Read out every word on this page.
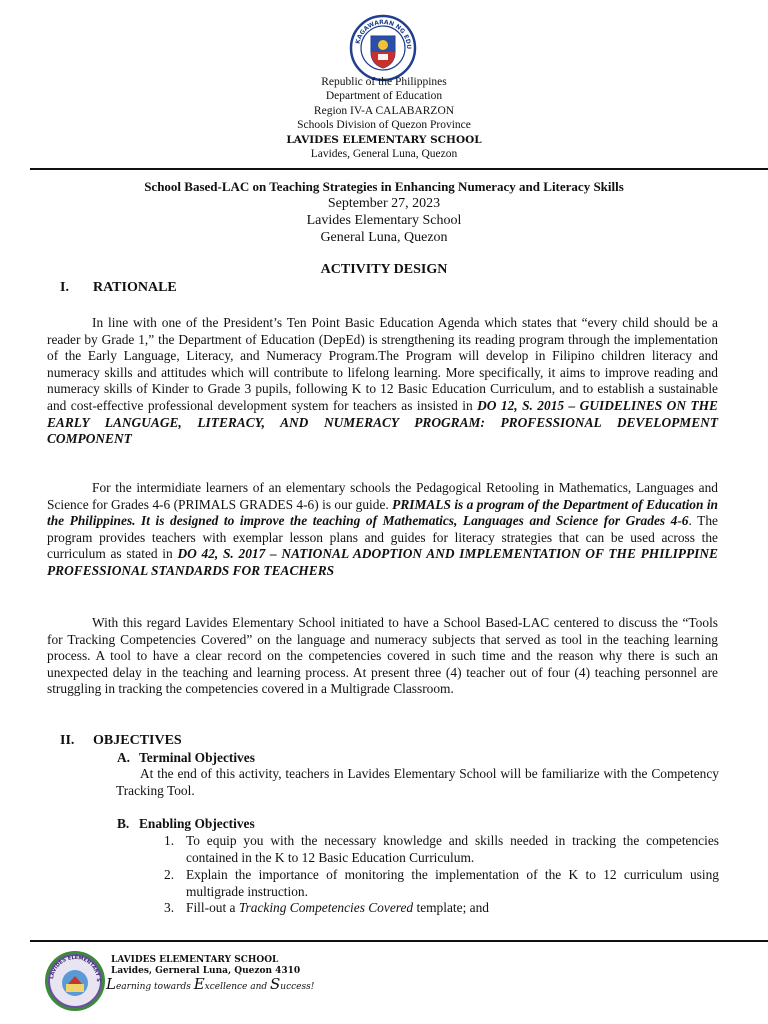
KAGAWARAN NG EDU
Republic of the Philippines
Department of Education
Region IV-A CALABARZON
Schools Division of Quezon Province
LAVIDES ELEMENTARY SCHOOL
Lavides, General Luna, Quezon
School Based-LAC on Teaching Strategies in Enhancing Numeracy and Literacy Skills
September 27, 2023
Lavides Elementary School
General Luna, Quezon
ACTIVITY DESIGN
I. RATIONALE
In line with one of the President’s Ten Point Basic Education Agenda which states that “every child should be a reader by Grade 1,” the Department of Education (DepEd) is strengthening its reading program through the implementation of the Early Language, Literacy, and Numeracy Program.The Program will develop in Filipino children literacy and numeracy skills and attitudes which will contribute to lifelong learning. More specifically, it aims to improve reading and numeracy skills of Kinder to Grade 3 pupils, following K to 12 Basic Education Curriculum, and to establish a sustainable and cost-effective professional development system for teachers as insisted in DO 12, S. 2015 – GUIDELINES ON THE EARLY LANGUAGE, LITERACY, AND NUMERACY PROGRAM: PROFESSIONAL DEVELOPMENT COMPONENT
For the intermidiate learners of an elementary schools the Pedagogical Retooling in Mathematics, Languages and Science for Grades 4-6 (PRIMALS GRADES 4-6) is our guide. PRIMALS is a program of the Department of Education in the Philippines. It is designed to improve the teaching of Mathematics, Languages and Science for Grades 4-6. The program provides teachers with exemplar lesson plans and guides for literacy strategies that can be used across the curriculum as stated in DO 42, S. 2017 – NATIONAL ADOPTION AND IMPLEMENTATION OF THE PHILIPPINE PROFESSIONAL STANDARDS FOR TEACHERS
With this regard Lavides Elementary School initiated to have a School Based-LAC centered to discuss the “Tools for Tracking Competencies Covered” on the language and numeracy subjects that served as tool in the teaching learning process. A tool to have a clear record on the competencies covered in such time and the reason why there is such an unexpected delay in the teaching and learning process. At present three (4) teacher out of four (4) teaching personnel are struggling in tracking the competencies covered in a Multigrade Classroom.
II. OBJECTIVES
A. Terminal Objectives
At the end of this activity, teachers in Lavides Elementary School will be familiarize with the Competency Tracking Tool.
B. Enabling Objectives
1. To equip you with the necessary knowledge and skills needed in tracking the competencies contained in the K to 12 Basic Education Curriculum.
2. Explain the importance of monitoring the implementation of the K to 12 curriculum using multigrade instruction.
3. Fill-out a Tracking Competencies Covered template; and
LAVIDES ELEMENTARY S
LAVIDES ELEMENTARY SCHOOL
Lavides, Gerneral Luna, Quezon 4310
Learning towards Excellence and Success!
